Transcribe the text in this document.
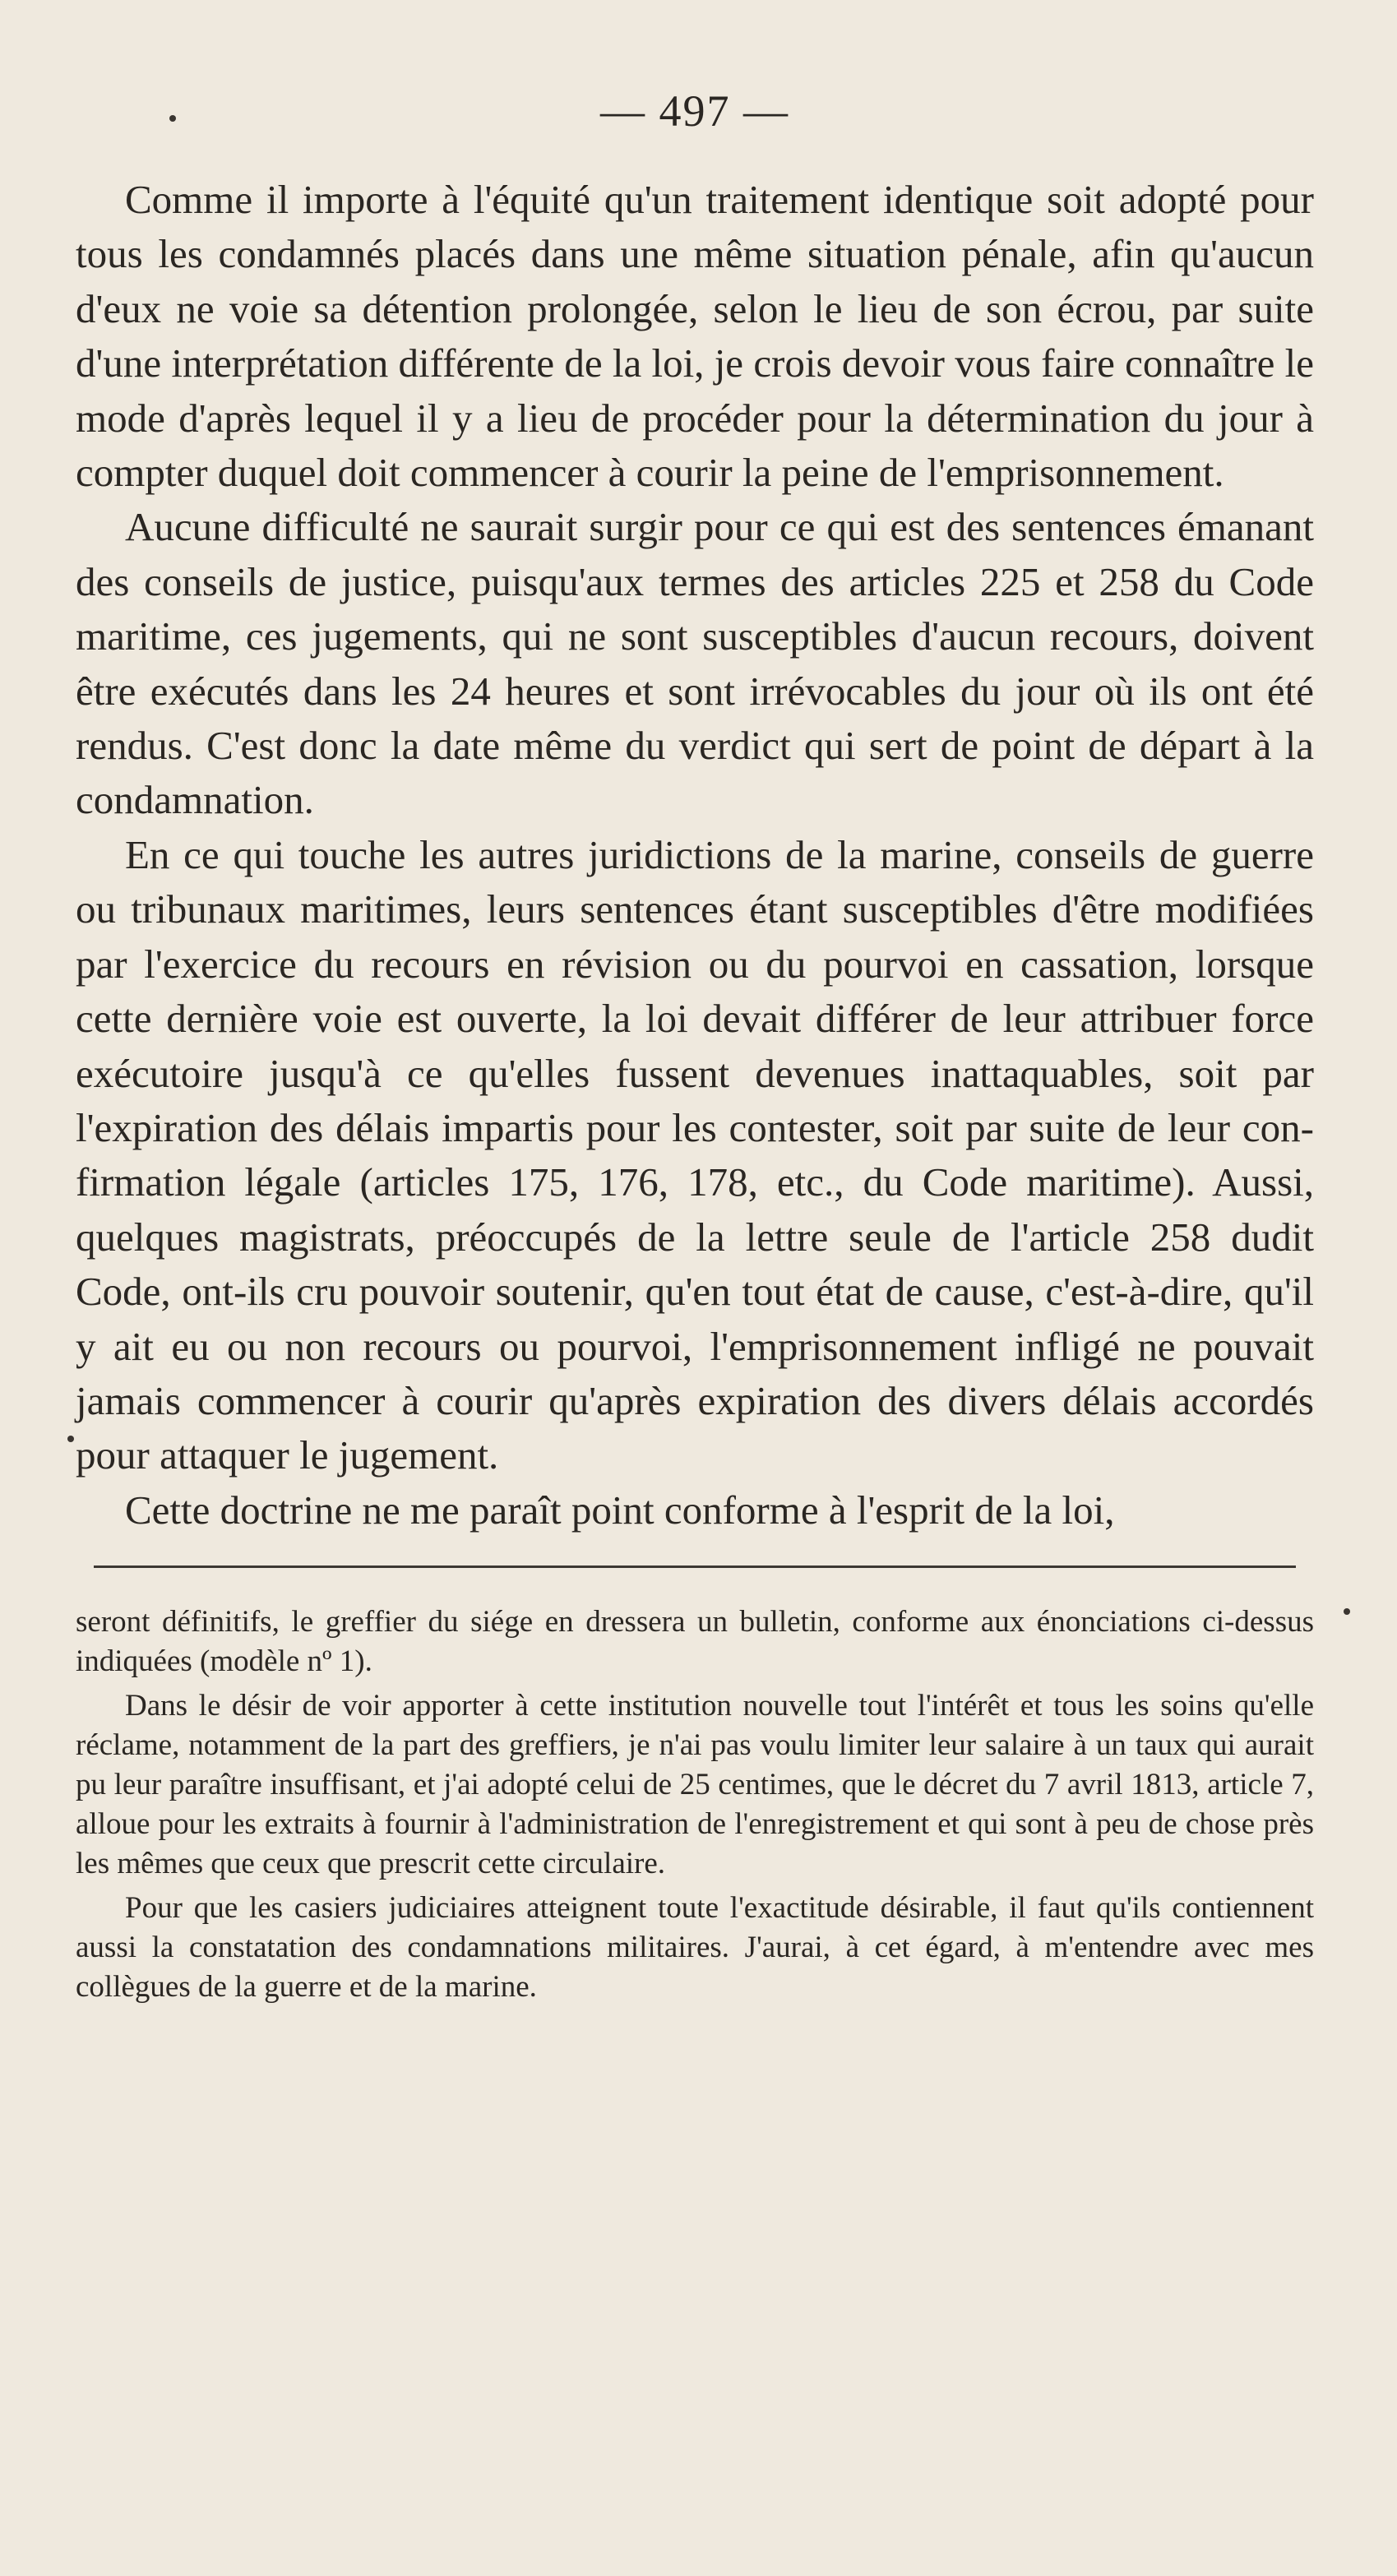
— 497 —

Comme il importe à l'équité qu'un traitement identique soit adopté pour tous les condamnés placés dans une même situation pénale, afin qu'aucun d'eux ne voie sa détention prolongée, selon le lieu de son écrou, par suite d'une interprétation différente de la loi, je crois devoir vous faire connaître le mode d'après lequel il y a lieu de procéder pour la détermination du jour à compter duquel doit commencer à courir la peine de l'emprisonnement.

Aucune difficulté ne saurait surgir pour ce qui est des sentences émanant des conseils de justice, puisqu'aux termes des articles 225 et 258 du Code maritime, ces jugements, qui ne sont susceptibles d'aucun recours, doivent être exécutés dans les 24 heures et sont irrévocables du jour où ils ont été rendus. C'est donc la date même du verdict qui sert de point de départ à la condamnation.

En ce qui touche les autres juridictions de la marine, conseils de guerre ou tribunaux maritimes, leurs sentences étant susceptibles d'être modifiées par l'exercice du recours en révision ou du pourvoi en cassation, lorsque cette dernière voie est ouverte, la loi devait différer de leur attribuer force exécutoire jusqu'à ce qu'elles fussent devenues inattaquables, soit par l'expiration des délais impartis pour les contester, soit par suite de leur confirmation légale (articles 175, 176, 178, etc., du Code maritime). Aussi, quelques magistrats, préoccupés de la lettre seule de l'article 258 dudit Code, ont-ils cru pouvoir soutenir, qu'en tout état de cause, c'est-à-dire, qu'il y ait eu ou non recours ou pourvoi, l'emprisonnement infligé ne pouvait jamais commencer à courir qu'après expiration des divers délais accordés pour attaquer le jugement.

Cette doctrine ne me paraît point conforme à l'esprit de la loi,

seront définitifs, le greffier du siége en dressera un bulletin, conforme aux énonciations ci-dessus indiquées (modèle nº 1).

Dans le désir de voir apporter à cette institution nouvelle tout l'intérêt et tous les soins qu'elle réclame, notamment de la part des greffiers, je n'ai pas voulu limiter leur salaire à un taux qui aurait pu leur paraître insuffisant, et j'ai adopté celui de 25 centimes, que le décret du 7 avril 1813, article 7, alloue pour les extraits à fournir à l'administration de l'enregistrement et qui sont à peu de chose près les mêmes que ceux que prescrit cette circulaire.

Pour que les casiers judiciaires atteignent toute l'exactitude désirable, il faut qu'ils contiennent aussi la constatation des condamnations militaires. J'aurai, à cet égard, à m'entendre avec mes collègues de la guerre et de la marine.
